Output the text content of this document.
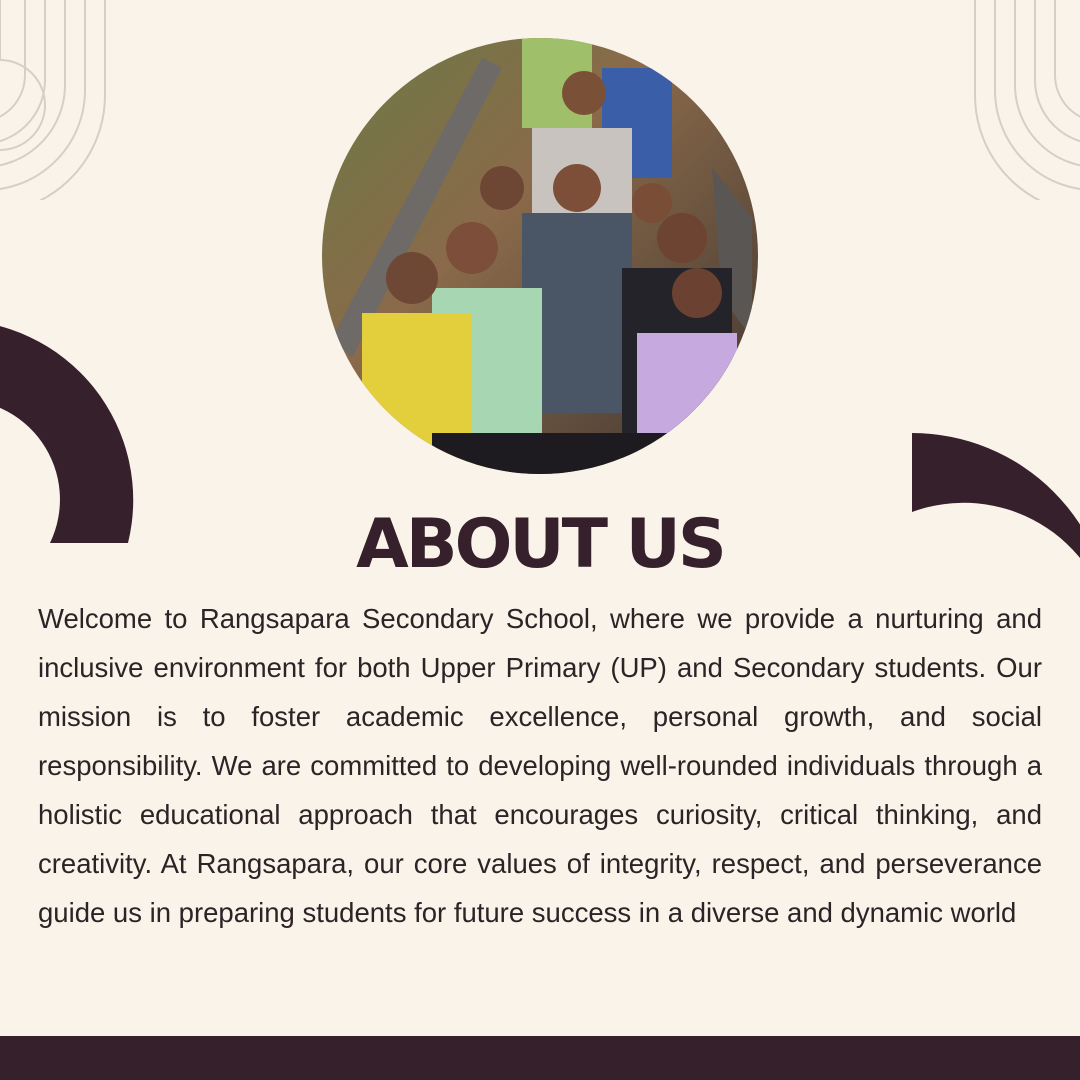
ABOUT US
Welcome to Rangsapara Secondary School, where we provide a nurturing and inclusive environment for both Upper Primary (UP) and Secondary students. Our mission is to foster academic excellence, personal growth, and social responsibility. We are committed to developing well-rounded individuals through a holistic educational approach that encourages curiosity, critical thinking, and creativity. At Rangsapara, our core values of integrity, respect, and perseverance guide us in preparing students for future success in a diverse and dynamic world
